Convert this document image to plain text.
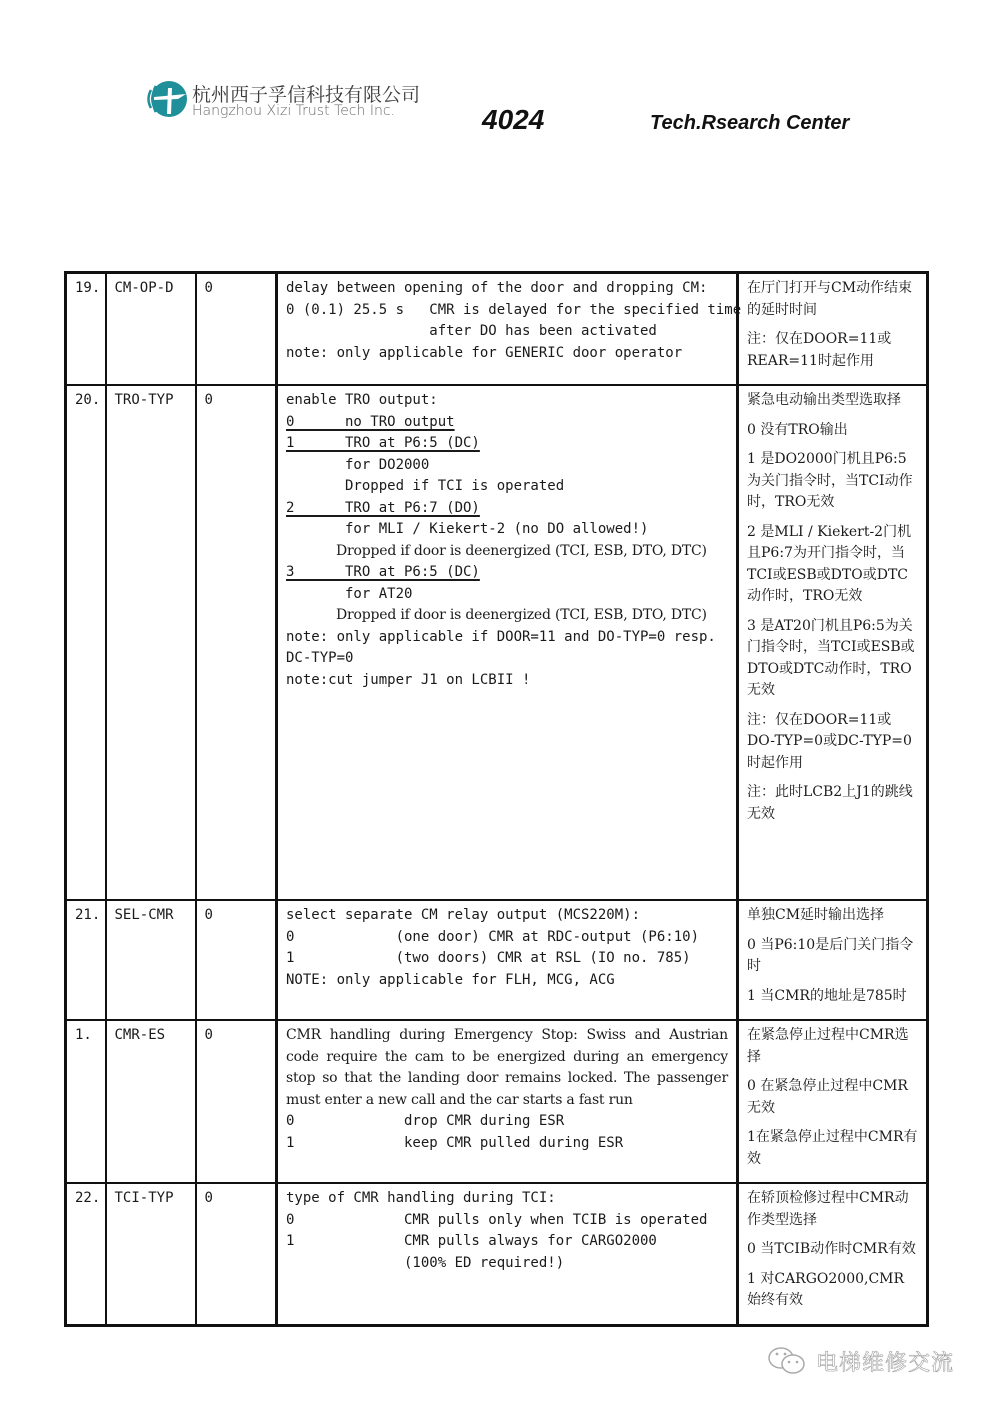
杭州西子孚信科技有限公司
Hangzhou Xizi Trust Tech Inc.	4024	Tech.Rsearch Center
19.	CM-OP-D	0	delay between opening of the door and dropping CM:
0 (0.1) 25.5 s   CMR is delayed for the specified time
after DO has been activated
note: only applicable for GENERIC door operator

在厅门打开与CM动作结束的延时时间

注：仅在DOOR=11或REAR=11时起作用

20.	TRO-TYP	0	enable TRO output:
0      no TRO output
1      TRO at P6:5 (DC)
for DO2000
Dropped if TCI is operated
2      TRO at P6:7 (DO)
for MLI / Kiekert-2 (no DO allowed!)
Dropped if door is deenergized (TCI, ESB, DTO, DTC)
3      TRO at P6:5 (DC)
for AT20
Dropped if door is deenergized (TCI, ESB, DTO, DTC)
note: only applicable if DOOR=11 and DO-TYP=0 resp.
DC-TYP=0
note:cut jumper J1 on LCBII !

紧急电动输出类型选取择

0 没有TRO输出

1 是DO2000门机且P6:5为关门指令时，当TCI动作时，TRO无效

2 是MLI / Kiekert-2门机且P6:7为开门指令时，当TCI或ESB或DTO或DTC动作时，TRO无效

3 是AT20门机且P6:5为关门指令时，当TCI或ESB或DTO或DTC动作时，TRO无效

注：仅在DOOR=11或DO-TYP=0或DC-TYP=0时起作用

注：此时LCB2上J1的跳线无效

21.	SEL-CMR	0	select separate CM relay output (MCS220M):
0            (one door) CMR at RDC-output (P6:10)
1            (two doors) CMR at RSL (IO no. 785)
NOTE: only applicable for FLH, MCG, ACG

单独CM延时输出选择

0 当P6:10是后门关门指令时

1 当CMR的地址是785时

1.	CMR-ES	0	CMR handling during Emergency Stop: Swiss and Austrian code require the cam to be energized during an emergency stop so that the landing door remains locked. The passenger must enter a new call and the car starts a fast run
0             drop CMR during ESR
1             keep CMR pulled during ESR

在紧急停止过程中CMR选择

0 在紧急停止过程中CMR无效

1在紧急停止过程中CMR有效

22.	TCI-TYP	0	type of CMR handling during TCI:
0             CMR pulls only when TCIB is operated
1             CMR pulls always for CARGO2000
(100% ED required!)

在轿顶检修过程中CMR动作类型选择

0 当TCIB动作时CMR有效

1 对CARGO2000,CMR始终有效

电梯维修交流
